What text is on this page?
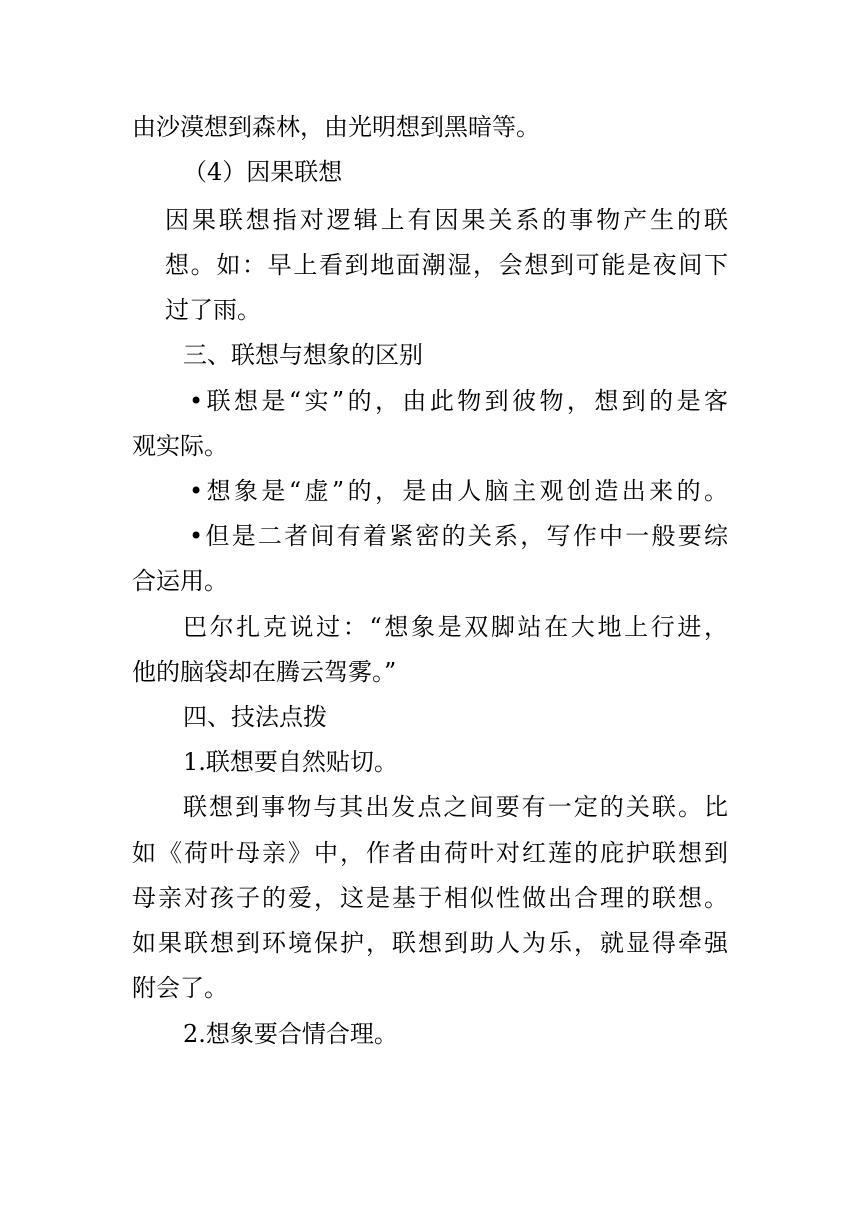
由沙漠想到森林，由光明想到黑暗等。
（4）因果联想
因果联想指对逻辑上有因果关系的事物产生的联
想。如：早上看到地面潮湿，会想到可能是夜间下
过了雨。
三、联想与想象的区别
•联想是“实”的，由此物到彼物，想到的是客
观实际。
•想象是“虚”的，是由人脑主观创造出来的。
•但是二者间有着紧密的关系，写作中一般要综
合运用。
巴尔扎克说过：“想象是双脚站在大地上行进，
他的脑袋却在腾云驾雾。”
四、技法点拨
1.联想要自然贴切。
联想到事物与其出发点之间要有一定的关联。比
如《荷叶母亲》中，作者由荷叶对红莲的庇护联想到
母亲对孩子的爱，这是基于相似性做出合理的联想。
如果联想到环境保护，联想到助人为乐，就显得牵强
附会了。
2.想象要合情合理。
